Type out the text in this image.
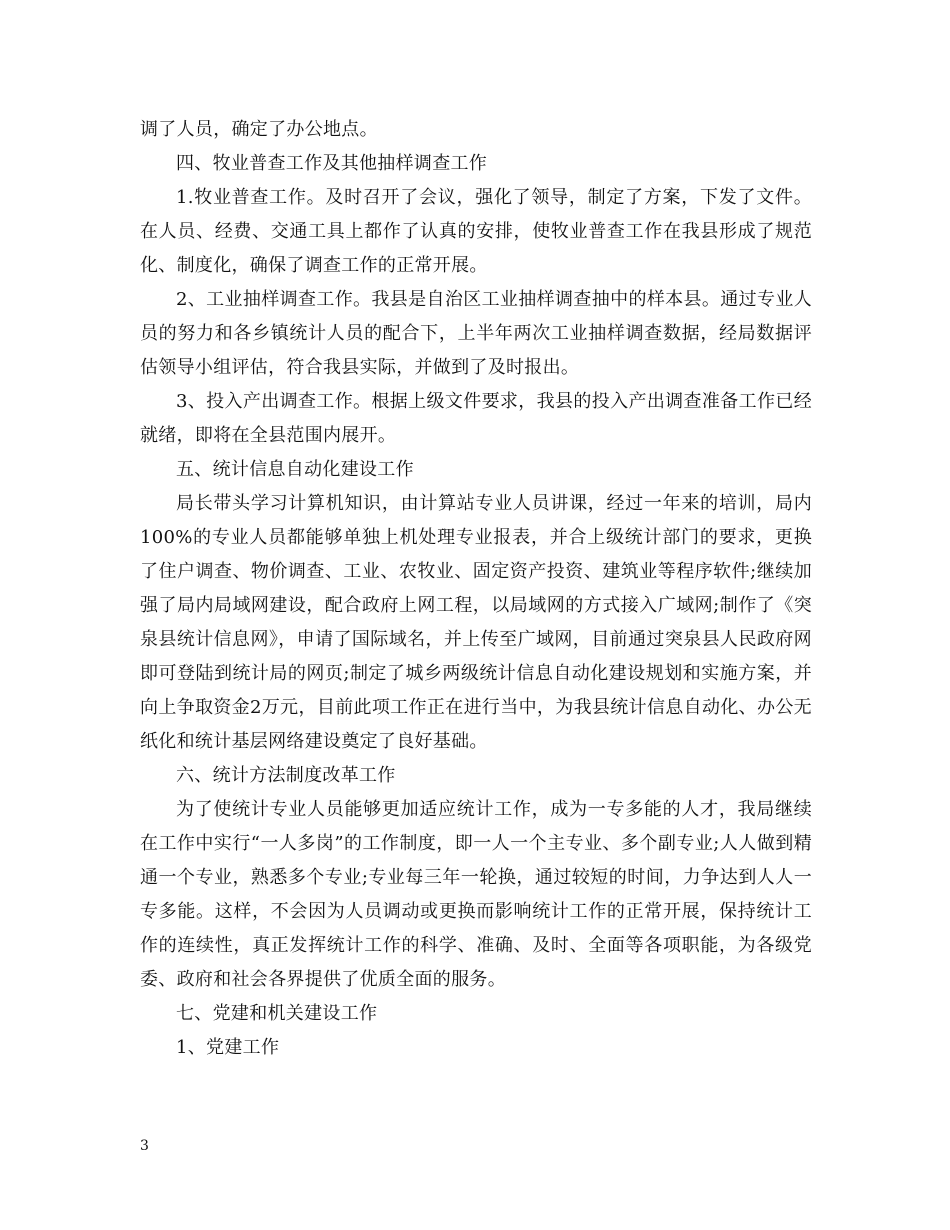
调了人员，确定了办公地点。

四、牧业普查工作及其他抽样调查工作

1.牧业普查工作。及时召开了会议，强化了领导，制定了方案，下发了文件。在人员、经费、交通工具上都作了认真的安排，使牧业普查工作在我县形成了规范化、制度化，确保了调查工作的正常开展。

2、工业抽样调查工作。我县是自治区工业抽样调查抽中的样本县。通过专业人员的努力和各乡镇统计人员的配合下，上半年两次工业抽样调查数据，经局数据评估领导小组评估，符合我县实际，并做到了及时报出。

3、投入产出调查工作。根据上级文件要求，我县的投入产出调查准备工作已经就绪，即将在全县范围内展开。

五、统计信息自动化建设工作

局长带头学习计算机知识，由计算站专业人员讲课，经过一年来的培训，局内100%的专业人员都能够单独上机处理专业报表，并合上级统计部门的要求，更换了住户调查、物价调查、工业、农牧业、固定资产投资、建筑业等程序软件;继续加强了局内局域网建设，配合政府上网工程，以局域网的方式接入广域网;制作了《突泉县统计信息网》，申请了国际域名，并上传至广域网，目前通过突泉县人民政府网即可登陆到统计局的网页;制定了城乡两级统计信息自动化建设规划和实施方案，并向上争取资金2万元，目前此项工作正在进行当中，为我县统计信息自动化、办公无纸化和统计基层网络建设奠定了良好基础。

六、统计方法制度改革工作

为了使统计专业人员能够更加适应统计工作，成为一专多能的人才，我局继续在工作中实行“一人多岗”的工作制度，即一人一个主专业、多个副专业;人人做到精通一个专业，熟悉多个专业;专业每三年一轮换，通过较短的时间，力争达到人人一专多能。这样，不会因为人员调动或更换而影响统计工作的正常开展，保持统计工作的连续性，真正发挥统计工作的科学、准确、及时、全面等各项职能，为各级党委、政府和社会各界提供了优质全面的服务。

七、党建和机关建设工作

1、党建工作

3
